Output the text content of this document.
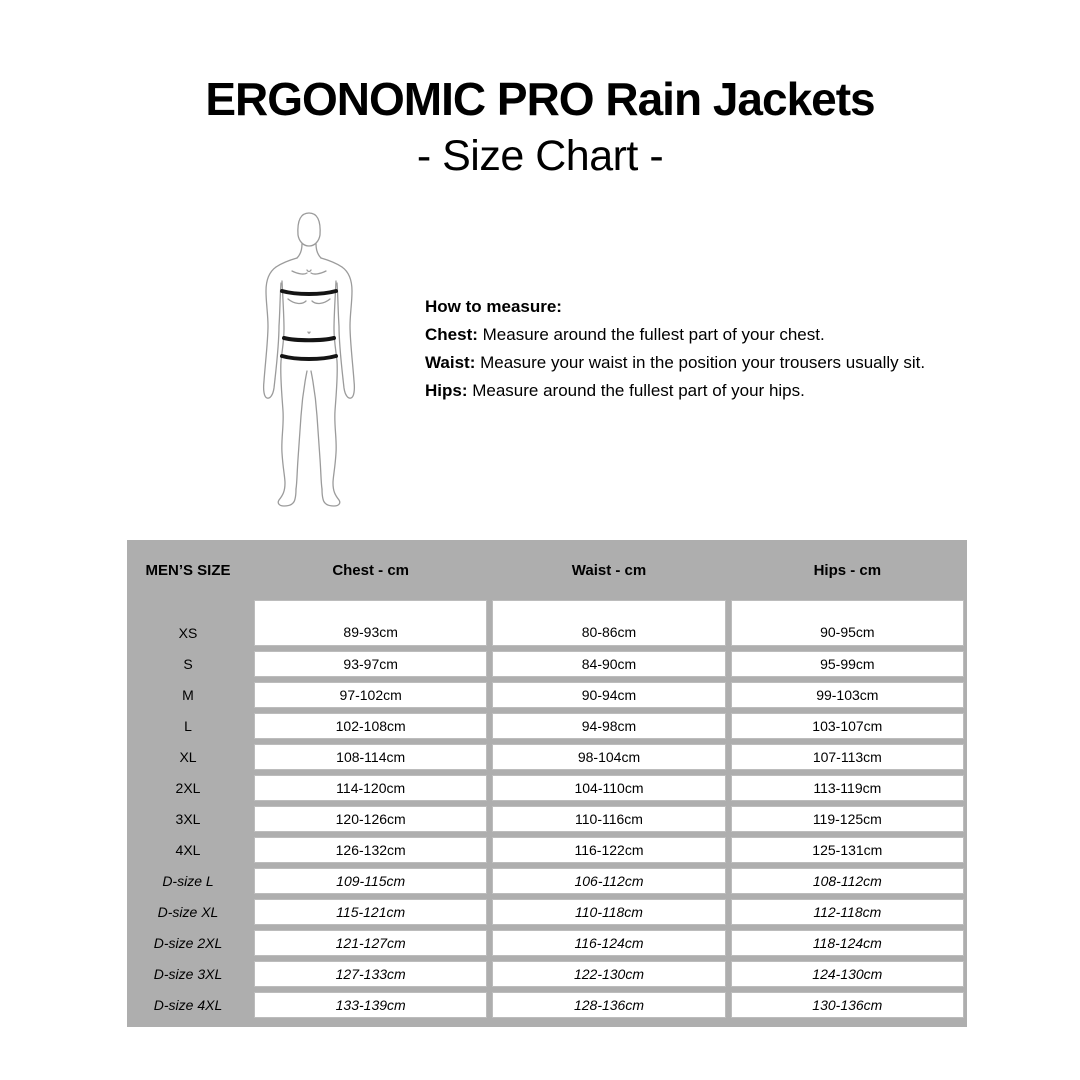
ERGONOMIC PRO Rain Jackets
- Size Chart -
How to measure:
Chest: Measure around the fullest part of your chest.
Waist: Measure your waist in the position your trousers usually sit.
Hips: Measure around the fullest part of your hips.
MEN’S SIZE	Chest - cm	Waist - cm	Hips - cm
XS	89-93cm	80-86cm	90-95cm
S	93-97cm	84-90cm	95-99cm
M	97-102cm	90-94cm	99-103cm
L	102-108cm	94-98cm	103-107cm
XL	108-114cm	98-104cm	107-113cm
2XL	114-120cm	104-110cm	113-119cm
3XL	120-126cm	110-116cm	119-125cm
4XL	126-132cm	116-122cm	125-131cm
D-size L	109-115cm	106-112cm	108-112cm
D-size XL	115-121cm	110-118cm	112-118cm
D-size 2XL	121-127cm	116-124cm	118-124cm
D-size 3XL	127-133cm	122-130cm	124-130cm
D-size 4XL	133-139cm	128-136cm	130-136cm
